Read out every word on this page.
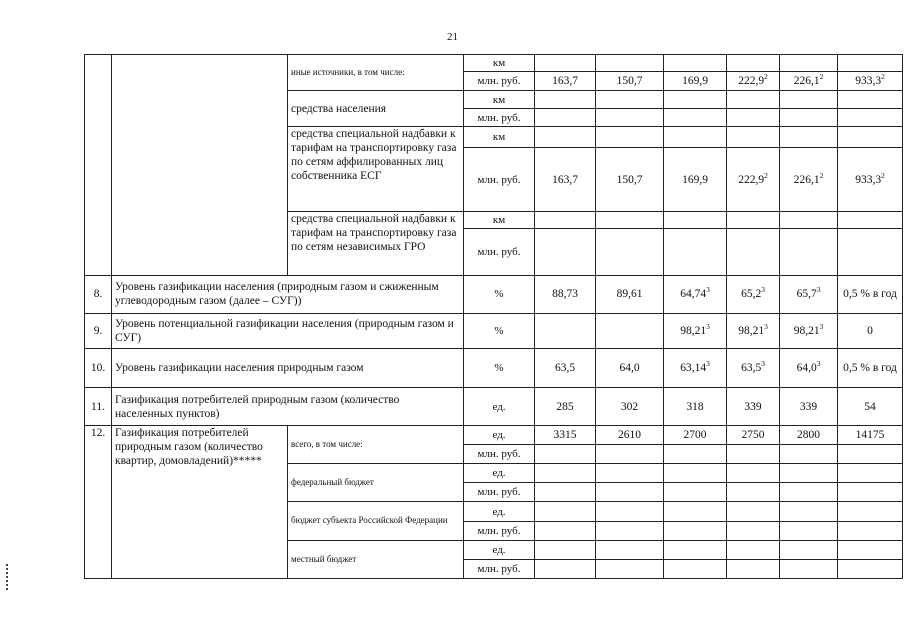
21
		иные источники, в том числе:	км						
			млн. руб.	163,7	150,7	169,9	222,9$^2$	226,1$^2$	933,3$^2$
		средства населения	км						
			млн. руб.						
		средства специальной надбавки к тарифам на транспортировку газа по сетям аффилированных лиц собственника ЕСГ	км						
			млн. руб.	163,7	150,7	169,9	222,9$^2$	226,1$^2$	933,3$^2$
		средства специальной надбавки к тарифам на транспортировку газа по сетям независимых ГРО	км						
			млн. руб.						
8.	Уровень газификации населения (природным газом и сжиженным углеводородным газом (далее – СУГ))		%	88,73	89,61	64,74$^3$	65,2$^3$	65,7$^3$	0,5 % в год
9.	Уровень потенциальной газификации населения (природным газом и СУГ)		%			98,21$^3$	98,21$^3$	98,21$^3$	0
10.	Уровень газификации населения природным газом		%	63,5	64,0	63,14$^3$	63,5$^3$	64,0$^3$	0,5 % в год
11.	Газификация потребителей природным газом (количество населенных пунктов)		ед.	285	302	318	339	339	54
12.	Газификация потребителей природным газом (количество квартир, домовладений)*****	всего, в том числе:	ед.	3315	2610	2700	2750	2800	14175
			млн. руб.						
		федеральный бюджет	ед.						
			млн. руб.						
		бюджет субъекта Российской Федерации	ед.						
			млн. руб.						
		местный бюджет	ед.						
			млн. руб.						
